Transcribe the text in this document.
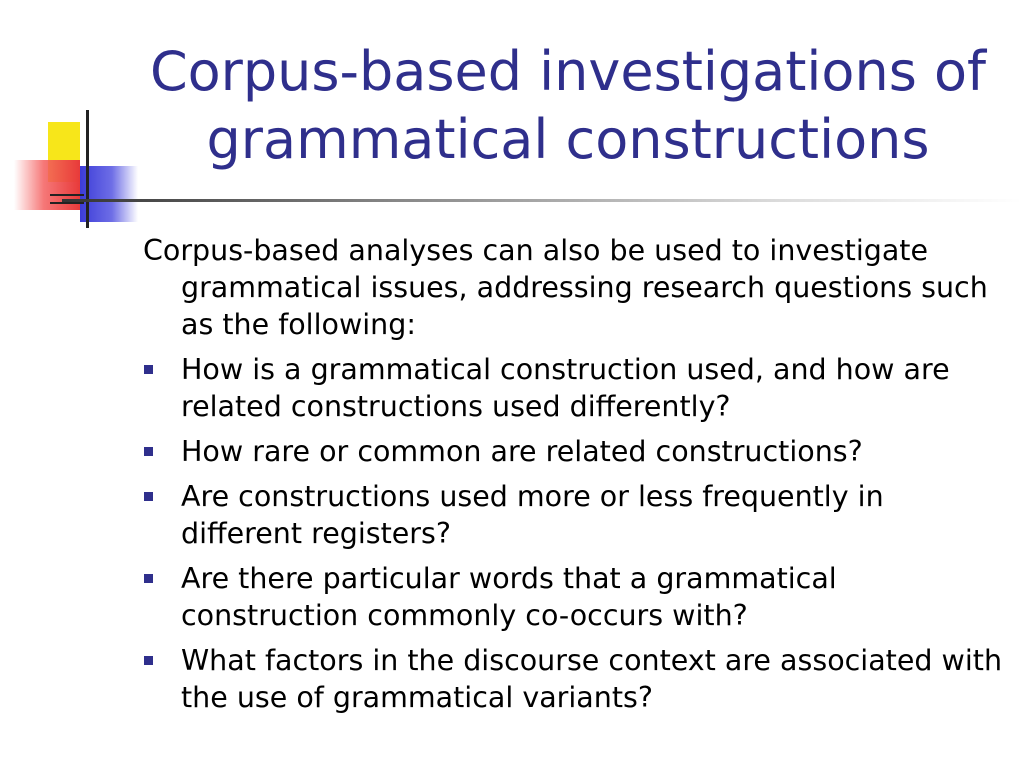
Corpus-based investigations of grammatical constructions

Corpus-based analyses can also be used to investigate grammatical issues, addressing research questions such as the following:

How is a grammatical construction used, and how are related constructions used differently?
How rare or common are related constructions?
Are constructions used more or less frequently in different registers?
Are there particular words that a grammatical construction commonly co-occurs with?
What factors in the discourse context are associated with the use of grammatical variants?
